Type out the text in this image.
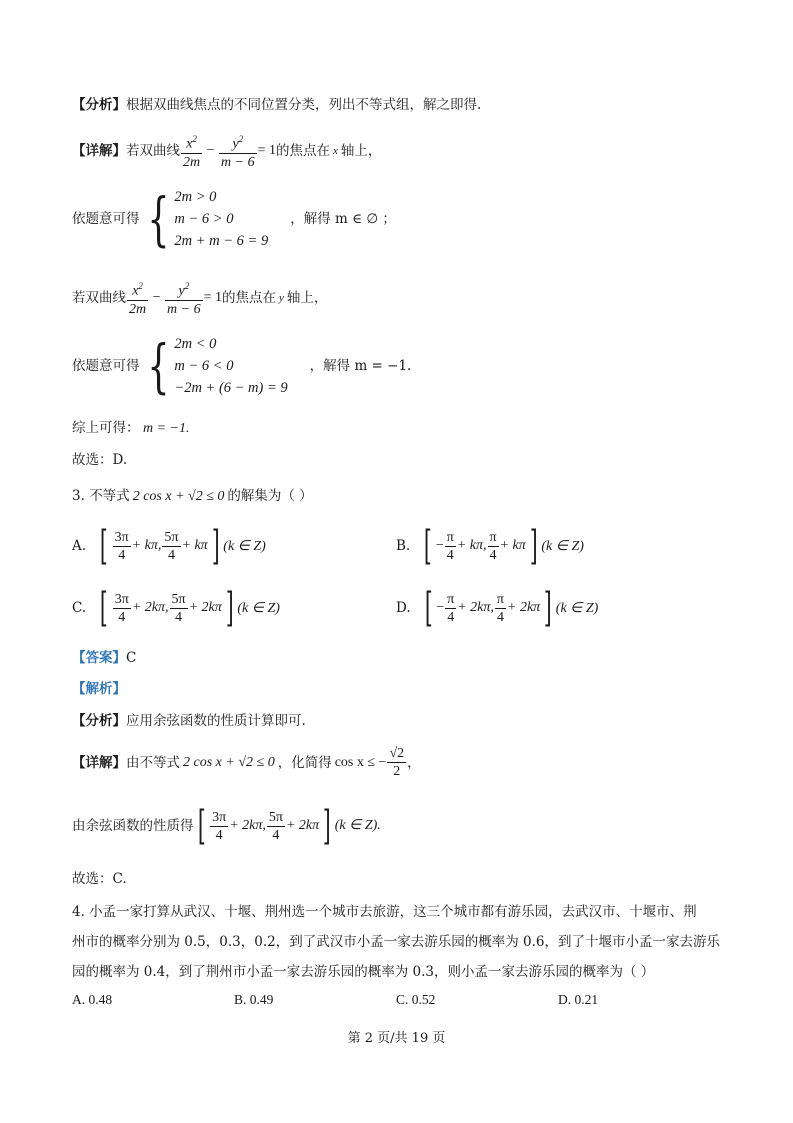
【分析】根据双曲线焦点的不同位置分类，列出不等式组，解之即得.
【详解】 若双曲线 $\frac{x^2}{2m} - \frac{y^2}{m - 6} = 1$ 的焦点在 x 轴上，
依题意可得 { 2m > 0
m − 6 > 0
2m + m − 6 = 9
，解得 m ∈ ∅ ；
若双曲线 $\frac{x^2}{2m} - \frac{y^2}{m - 6} = 1$ 的焦点在 y 轴上，
依题意可得 { 2m < 0
m − 6 < 0
−2m + (6 − m) = 9
，解得 m = −1.
综上可得： m = −1.
故选：D.
3. 不等式 2 cos x + √2 ≤ 0 的解集为（ ）
A. [ $\frac{3\pi}{4} + k\pi$, $\frac{5\pi}{4} + k\pi$ ] (k ∈ Z)	B. [ − $\frac{\pi}{4} + k\pi$, $\frac{\pi}{4} + k\pi$ ] (k ∈ Z)
C. [ $\frac{3\pi}{4} + 2k\pi$, $\frac{5\pi}{4} + 2k\pi$ ] (k ∈ Z)	D. [ − $\frac{\pi}{4} + 2k\pi$, $\frac{\pi}{4} + 2k\pi$ ] (k ∈ Z)
【答案】C
【解析】
【分析】应用余弦函数的性质计算即可.
【详解】 由不等式 2 cos x + √2 ≤ 0 ，化简得 cos x ≤ − $\frac{√2}{2}$ ，
由余弦函数的性质得 [ $\frac{3\pi}{4} + 2k\pi$, $\frac{5\pi}{4} + 2k\pi$ ] (k ∈ Z).
故选：C.
4. 小孟一家打算从武汉、十堰、荆州选一个城市去旅游，这三个城市都有游乐园，去武汉市、十堰市、荆
州市的概率分别为 0.5，0.3，0.2，到了武汉市小孟一家去游乐园的概率为 0.6，到了十堰市小孟一家去游乐
园的概率为 0.4，到了荆州市小孟一家去游乐园的概率为 0.3，则小孟一家去游乐园的概率为（ ）
A. 0.48	B. 0.49	C. 0.52	D. 0.21
第 2 页/共 19 页
